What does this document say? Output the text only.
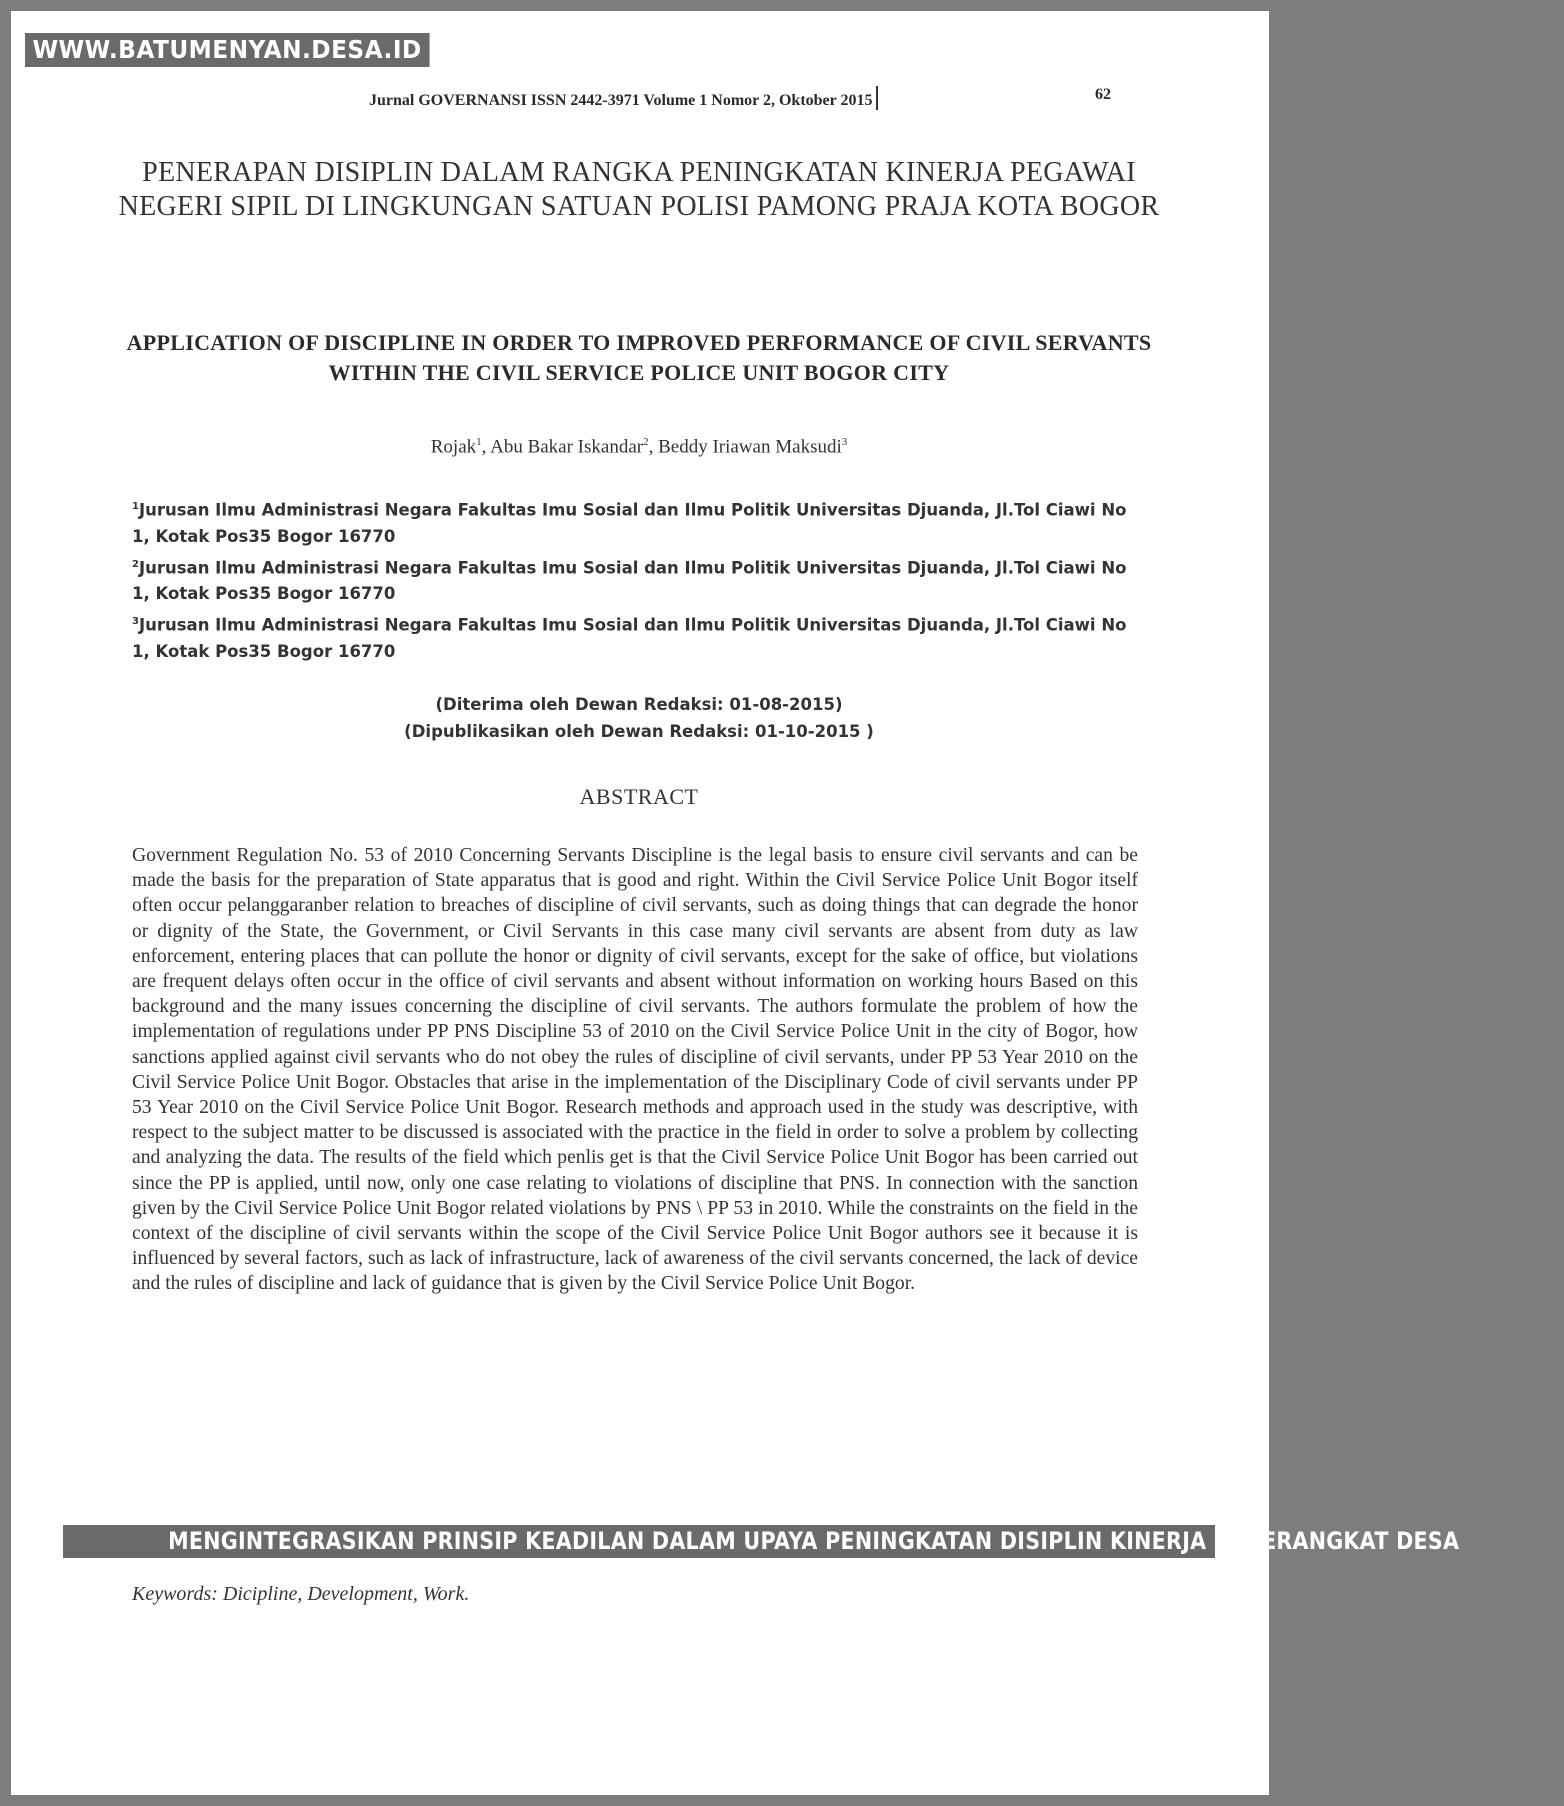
WWW.BATUMENYAN.DESA.ID
Jurnal GOVERNANSI ISSN 2442-3971 Volume 1 Nomor 2, Oktober 2015	62
PENERAPAN DISIPLIN DALAM RANGKA PENINGKATAN KINERJA PEGAWAI NEGERI SIPIL DI LINGKUNGAN SATUAN POLISI PAMONG PRAJA KOTA BOGOR
APPLICATION OF DISCIPLINE IN ORDER TO IMPROVED PERFORMANCE OF CIVIL SERVANTS WITHIN THE CIVIL SERVICE POLICE UNIT BOGOR CITY
Rojak$^1$, Abu Bakar Iskandar$^2$, Beddy Iriawan Maksudi$^3$
$^1$Jurusan Ilmu Administrasi Negara Fakultas Imu Sosial dan Ilmu Politik Universitas Djuanda, Jl.Tol Ciawi No 1, Kotak Pos35 Bogor 16770
$^2$Jurusan Ilmu Administrasi Negara Fakultas Imu Sosial dan Ilmu Politik Universitas Djuanda, Jl.Tol Ciawi No 1, Kotak Pos35 Bogor 16770
$^3$Jurusan Ilmu Administrasi Negara Fakultas Imu Sosial dan Ilmu Politik Universitas Djuanda, Jl.Tol Ciawi No 1, Kotak Pos35 Bogor 16770
(Diterima oleh Dewan Redaksi: 01-08-2015)
(Dipublikasikan oleh Dewan Redaksi: 01-10-2015 )
ABSTRACT
Government Regulation No. 53 of 2010 Concerning Servants Discipline is the legal basis to ensure civil servants and can be made the basis for the preparation of State apparatus that is good and right. Within the Civil Service Police Unit Bogor itself often occur pelanggaranber relation to breaches of discipline of civil servants, such as doing things that can degrade the honor or dignity of the State, the Government, or Civil Servants in this case many civil servants are absent from duty as law enforcement, entering places that can pollute the honor or dignity of civil servants, except for the sake of office, but violations are frequent delays often occur in the office of civil servants and absent without information on working hours Based on this background and the many issues concerning the discipline of civil servants. The authors formulate the problem of how the implementation of regulations under PP PNS Discipline 53 of 2010 on the Civil Service Police Unit in the city of Bogor, how sanctions applied against civil servants who do not obey the rules of discipline of civil servants, under PP 53 Year 2010 on the Civil Service Police Unit Bogor. Obstacles that arise in the implementation of the Disciplinary Code of civil servants under PP 53 Year 2010 on the Civil Service Police Unit Bogor. Research methods and approach used in the study was descriptive, with respect to the subject matter to be discussed is associated with the practice in the field in order to solve a problem by collecting and analyzing the data. The results of the field which penlis get is that the Civil Service Police Unit Bogor has been carried out since the PP is applied, until now, only one case relating to violations of discipline that PNS. In connection with the sanction given by the Civil Service Police Unit Bogor related violations by PNS \ PP 53 in 2010. While the constraints on the field in the context of the discipline of civil servants within the scope of the Civil Service Police Unit Bogor authors see it because it is influenced by several factors, such as lack of infrastructure, lack of awareness of the civil servants concerned, the lack of device and the rules of discipline and lack of guidance that is given by the Civil Service Police Unit Bogor.
Keywords: Dicipline, Development, Work.
MENGINTEGRASIKAN PRINSIP KEADILAN DALAM UPAYA PENINGKATAN DISIPLIN KINERJA DI PERANGKAT DESA
